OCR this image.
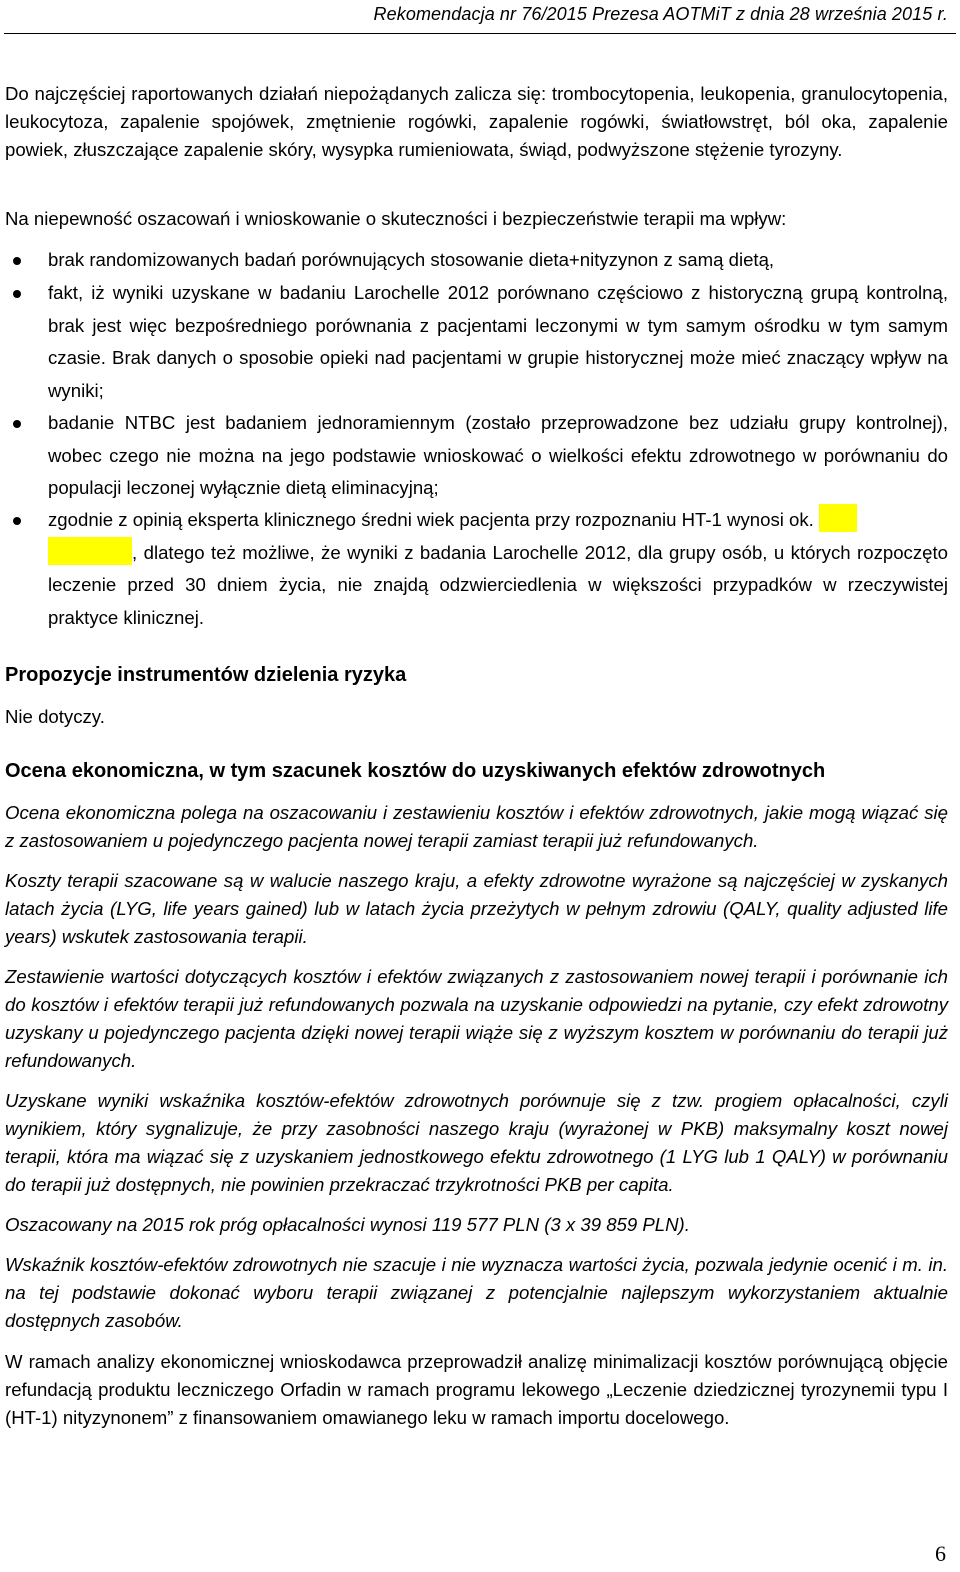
Rekomendacja nr 76/2015 Prezesa AOTMiT z dnia 28 września 2015 r.
Do najczęściej raportowanych działań niepożądanych zalicza się: trombocytopenia, leukopenia, granulocytopenia, leukocytoza, zapalenie spojówek, zmętnienie rogówki, zapalenie rogówki, światłowstręt, ból oka, zapalenie powiek, złuszczające zapalenie skóry, wysypka rumieniowata, świąd, podwyższone stężenie tyrozyny.
Na niepewność oszacowań i wnioskowanie o skuteczności i bezpieczeństwie terapii ma wpływ:
brak randomizowanych badań porównujących stosowanie dieta+nityzynon z samą dietą,
fakt, iż wyniki uzyskane w badaniu Larochelle 2012 porównano częściowo z historyczną grupą kontrolną, brak jest więc bezpośredniego porównania z pacjentami leczonymi w tym samym ośrodku w tym samym czasie. Brak danych o sposobie opieki nad pacjentami w grupie historycznej może mieć znaczący wpływ na wyniki;
badanie NTBC jest badaniem jednoramiennym (zostało przeprowadzone bez udziału grupy kontrolnej), wobec czego nie można na jego podstawie wnioskować o wielkości efektu zdrowotnego w porównaniu do populacji leczonej wyłącznie dietą eliminacyjną;
zgodnie z opinią eksperta klinicznego średni wiek pacjenta przy rozpoznaniu HT-1 wynosi ok.
, dlatego też możliwe, że wyniki z badania Larochelle 2012, dla grupy osób, u których rozpoczęto leczenie przed 30 dniem życia, nie znajdą odzwierciedlenia w większości przypadków w rzeczywistej praktyce klinicznej.
Propozycje instrumentów dzielenia ryzyka
Nie dotyczy.
Ocena ekonomiczna, w tym szacunek kosztów do uzyskiwanych efektów zdrowotnych
Ocena ekonomiczna polega na oszacowaniu i zestawieniu kosztów i efektów zdrowotnych, jakie mogą wiązać się z zastosowaniem u pojedynczego pacjenta nowej terapii zamiast terapii już refundowanych.
Koszty terapii szacowane są w walucie naszego kraju, a efekty zdrowotne wyrażone są najczęściej w zyskanych latach życia (LYG, life years gained) lub w latach życia przeżytych w pełnym zdrowiu (QALY, quality adjusted life years) wskutek zastosowania terapii.
Zestawienie wartości dotyczących kosztów i efektów związanych z zastosowaniem nowej terapii i porównanie ich do kosztów i efektów terapii już refundowanych pozwala na uzyskanie odpowiedzi na pytanie, czy efekt zdrowotny uzyskany u pojedynczego pacjenta dzięki nowej terapii wiąże się z wyższym kosztem w porównaniu do terapii już refundowanych.
Uzyskane wyniki wskaźnika kosztów-efektów zdrowotnych porównuje się z tzw. progiem opłacalności, czyli wynikiem, który sygnalizuje, że przy zasobności naszego kraju (wyrażonej w PKB) maksymalny koszt nowej terapii, która ma wiązać się z uzyskaniem jednostkowego efektu zdrowotnego (1 LYG lub 1 QALY) w porównaniu do terapii już dostępnych, nie powinien przekraczać trzykrotności PKB per capita.
Oszacowany na 2015 rok próg opłacalności wynosi 119 577 PLN (3 x 39 859 PLN).
Wskaźnik kosztów-efektów zdrowotnych nie szacuje i nie wyznacza wartości życia, pozwala jedynie ocenić i m. in. na tej podstawie dokonać wyboru terapii związanej z potencjalnie najlepszym wykorzystaniem aktualnie dostępnych zasobów.
W ramach analizy ekonomicznej wnioskodawca przeprowadził analizę minimalizacji kosztów porównującą objęcie refundacją produktu leczniczego Orfadin w ramach programu lekowego „Leczenie dziedzicznej tyrozynemii typu I (HT-1) nityzynonem” z finansowaniem omawianego leku w ramach importu docelowego.
6
